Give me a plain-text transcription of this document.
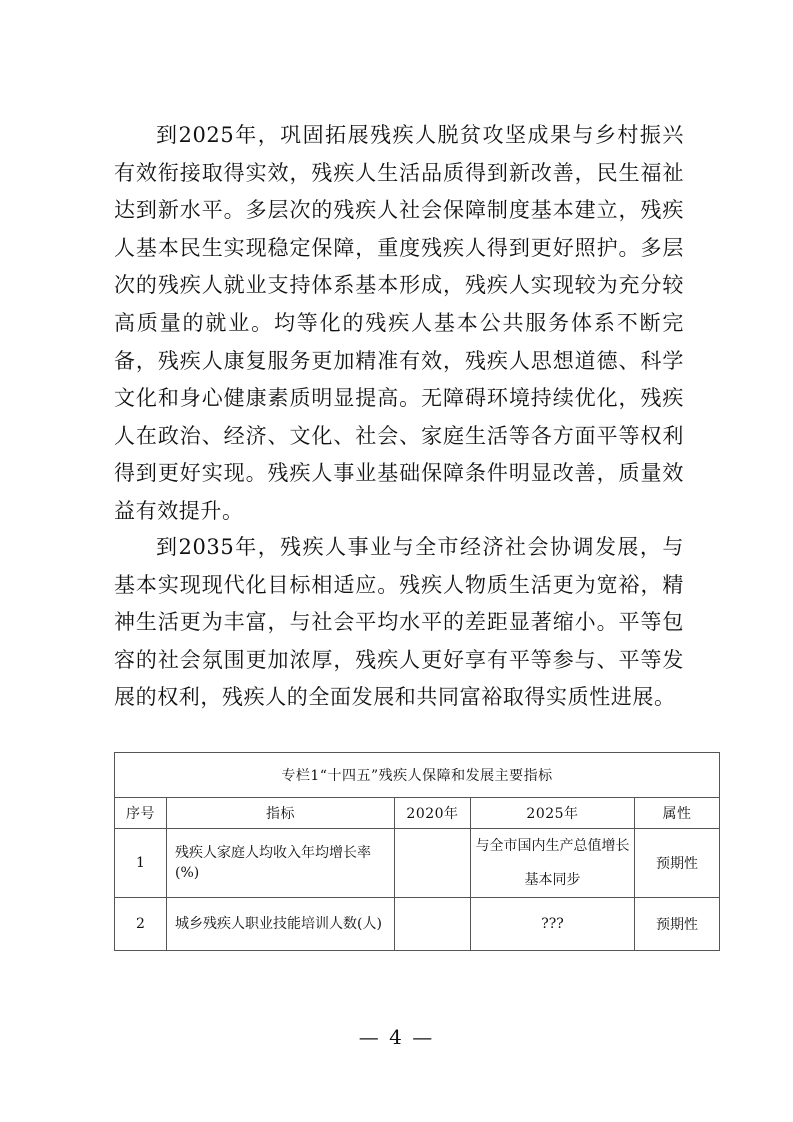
到2025年，巩固拓展残疾人脱贫攻坚成果与乡村振兴有效衔接取得实效，残疾人生活品质得到新改善，民生福祉达到新水平。多层次的残疾人社会保障制度基本建立，残疾人基本民生实现稳定保障，重度残疾人得到更好照护。多层次的残疾人就业支持体系基本形成，残疾人实现较为充分较高质量的就业。均等化的残疾人基本公共服务体系不断完备，残疾人康复服务更加精准有效，残疾人思想道德、科学文化和身心健康素质明显提高。无障碍环境持续优化，残疾人在政治、经济、文化、社会、家庭生活等各方面平等权利得到更好实现。残疾人事业基础保障条件明显改善，质量效益有效提升。

到2035年，残疾人事业与全市经济社会协调发展，与基本实现现代化目标相适应。残疾人物质生活更为宽裕，精神生活更为丰富，与社会平均水平的差距显著缩小。平等包容的社会氛围更加浓厚，残疾人更好享有平等参与、平等发展的权利，残疾人的全面发展和共同富裕取得实质性进展。

专栏1“十四五”残疾人保障和发展主要指标				
序号	指标	2020年	2025年	属性
1	残疾人家庭人均收入年均增长率(%)		与全市国内生产总值增长基本同步	预期性
2	城乡残疾人职业技能培训人数(人)		???	预期性
— 4 —
